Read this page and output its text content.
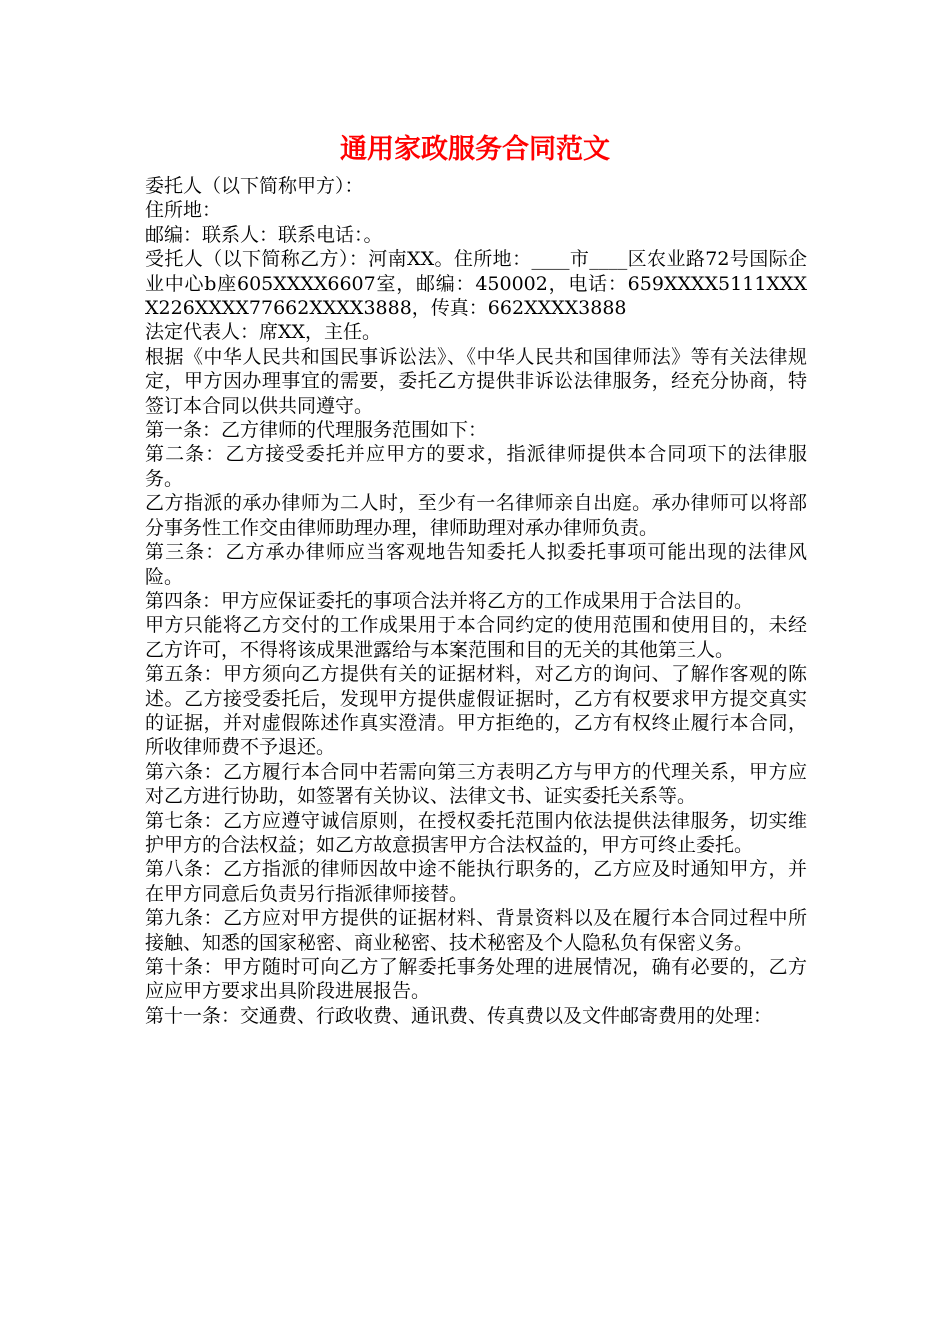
通用家政服务合同范文

委托人（以下简称甲方）：

住所地：

邮编：联系人：联系电话：。

受托人（以下简称乙方）：河南XX。住所地：____市____区农业路72号国际企业中心b座605XXXX6607室，邮编：450002，电话：659XXXX5111XXXX226XXXX77662XXXX3888，传真：662XXXX3888

法定代表人：席XX，主任。

根据《中华人民共和国民事诉讼法》、《中华人民共和国律师法》等有关法律规定，甲方因办理事宜的需要，委托乙方提供非诉讼法律服务，经充分协商，特签订本合同以供共同遵守。

第一条：乙方律师的代理服务范围如下：

第二条：乙方接受委托并应甲方的要求，指派律师提供本合同项下的法律服务。

乙方指派的承办律师为二人时，至少有一名律师亲自出庭。承办律师可以将部分事务性工作交由律师助理办理，律师助理对承办律师负责。

第三条：乙方承办律师应当客观地告知委托人拟委托事项可能出现的法律风险。

第四条：甲方应保证委托的事项合法并将乙方的工作成果用于合法目的。

甲方只能将乙方交付的工作成果用于本合同约定的使用范围和使用目的，未经乙方许可，不得将该成果泄露给与本案范围和目的无关的其他第三人。

第五条：甲方须向乙方提供有关的证据材料，对乙方的询问、了解作客观的陈述。乙方接受委托后，发现甲方提供虚假证据时，乙方有权要求甲方提交真实的证据，并对虚假陈述作真实澄清。甲方拒绝的，乙方有权终止履行本合同，所收律师费不予退还。

第六条：乙方履行本合同中若需向第三方表明乙方与甲方的代理关系，甲方应对乙方进行协助，如签署有关协议、法律文书、证实委托关系等。

第七条：乙方应遵守诚信原则，在授权委托范围内依法提供法律服务，切实维护甲方的合法权益；如乙方故意损害甲方合法权益的，甲方可终止委托。

第八条：乙方指派的律师因故中途不能执行职务的，乙方应及时通知甲方，并在甲方同意后负责另行指派律师接替。

第九条：乙方应对甲方提供的证据材料、背景资料以及在履行本合同过程中所接触、知悉的国家秘密、商业秘密、技术秘密及个人隐私负有保密义务。

第十条：甲方随时可向乙方了解委托事务处理的进展情况，确有必要的，乙方应应甲方要求出具阶段进展报告。

第十一条：交通费、行政收费、通讯费、传真费以及文件邮寄费用的处理：
